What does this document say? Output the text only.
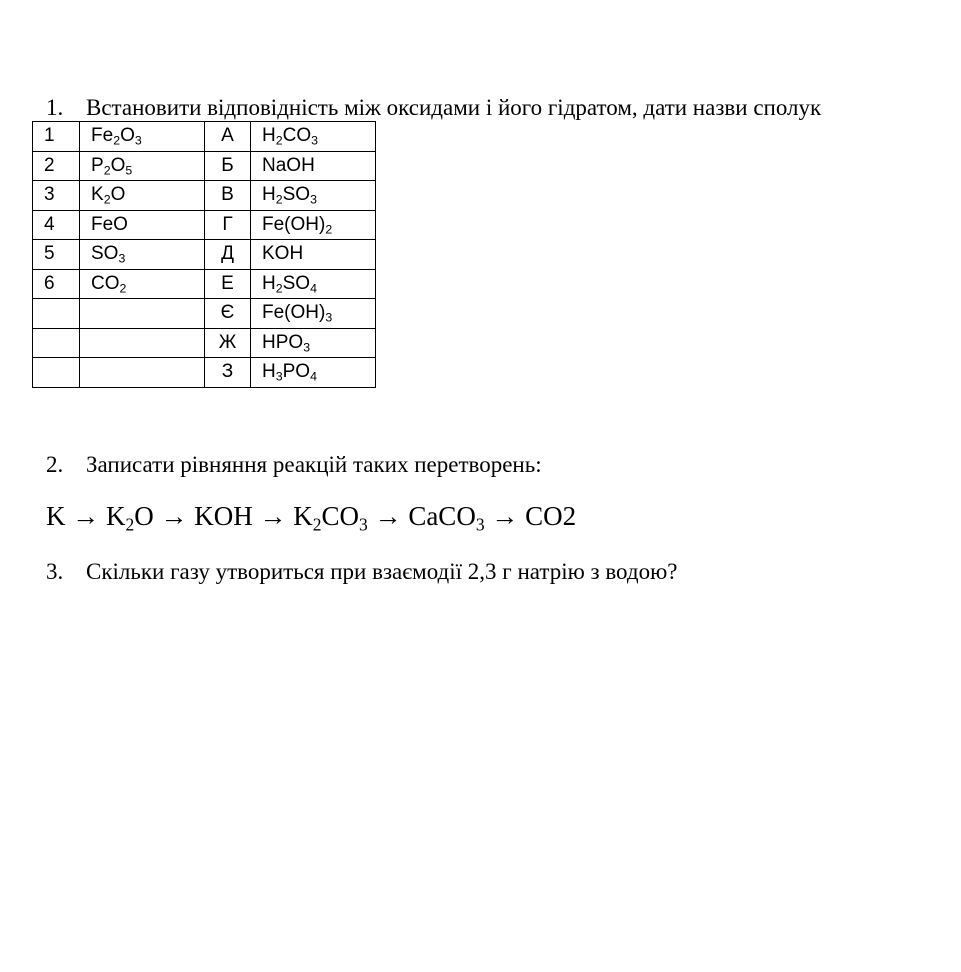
1. Встановити відповідність між оксидами і його гідратом, дати назви сполук
1	$Fe_2O_3$	А	$H_2CO_3$
2	$P_2O_5$	Б	NaOH
3	$K_2O$	В	$H_2SO_3$
4	FeO	Г	$Fe(OH)_2$
5	$SO_3$	Д	KOH
6	$CO_2$	Е	$H_2SO_4$
		Є	$Fe(OH)_3$
		Ж	$HPO_3$
		З	$H_3PO_4$
2. Записати рівняння реакцій таких перетворень:
$K \to K_2O$ → KOH → $K_2CO_3$ → CaCO$_3$ → CO2
3. Скільки газу утвориться при взаємодії 2,3 г натрію з водою?
